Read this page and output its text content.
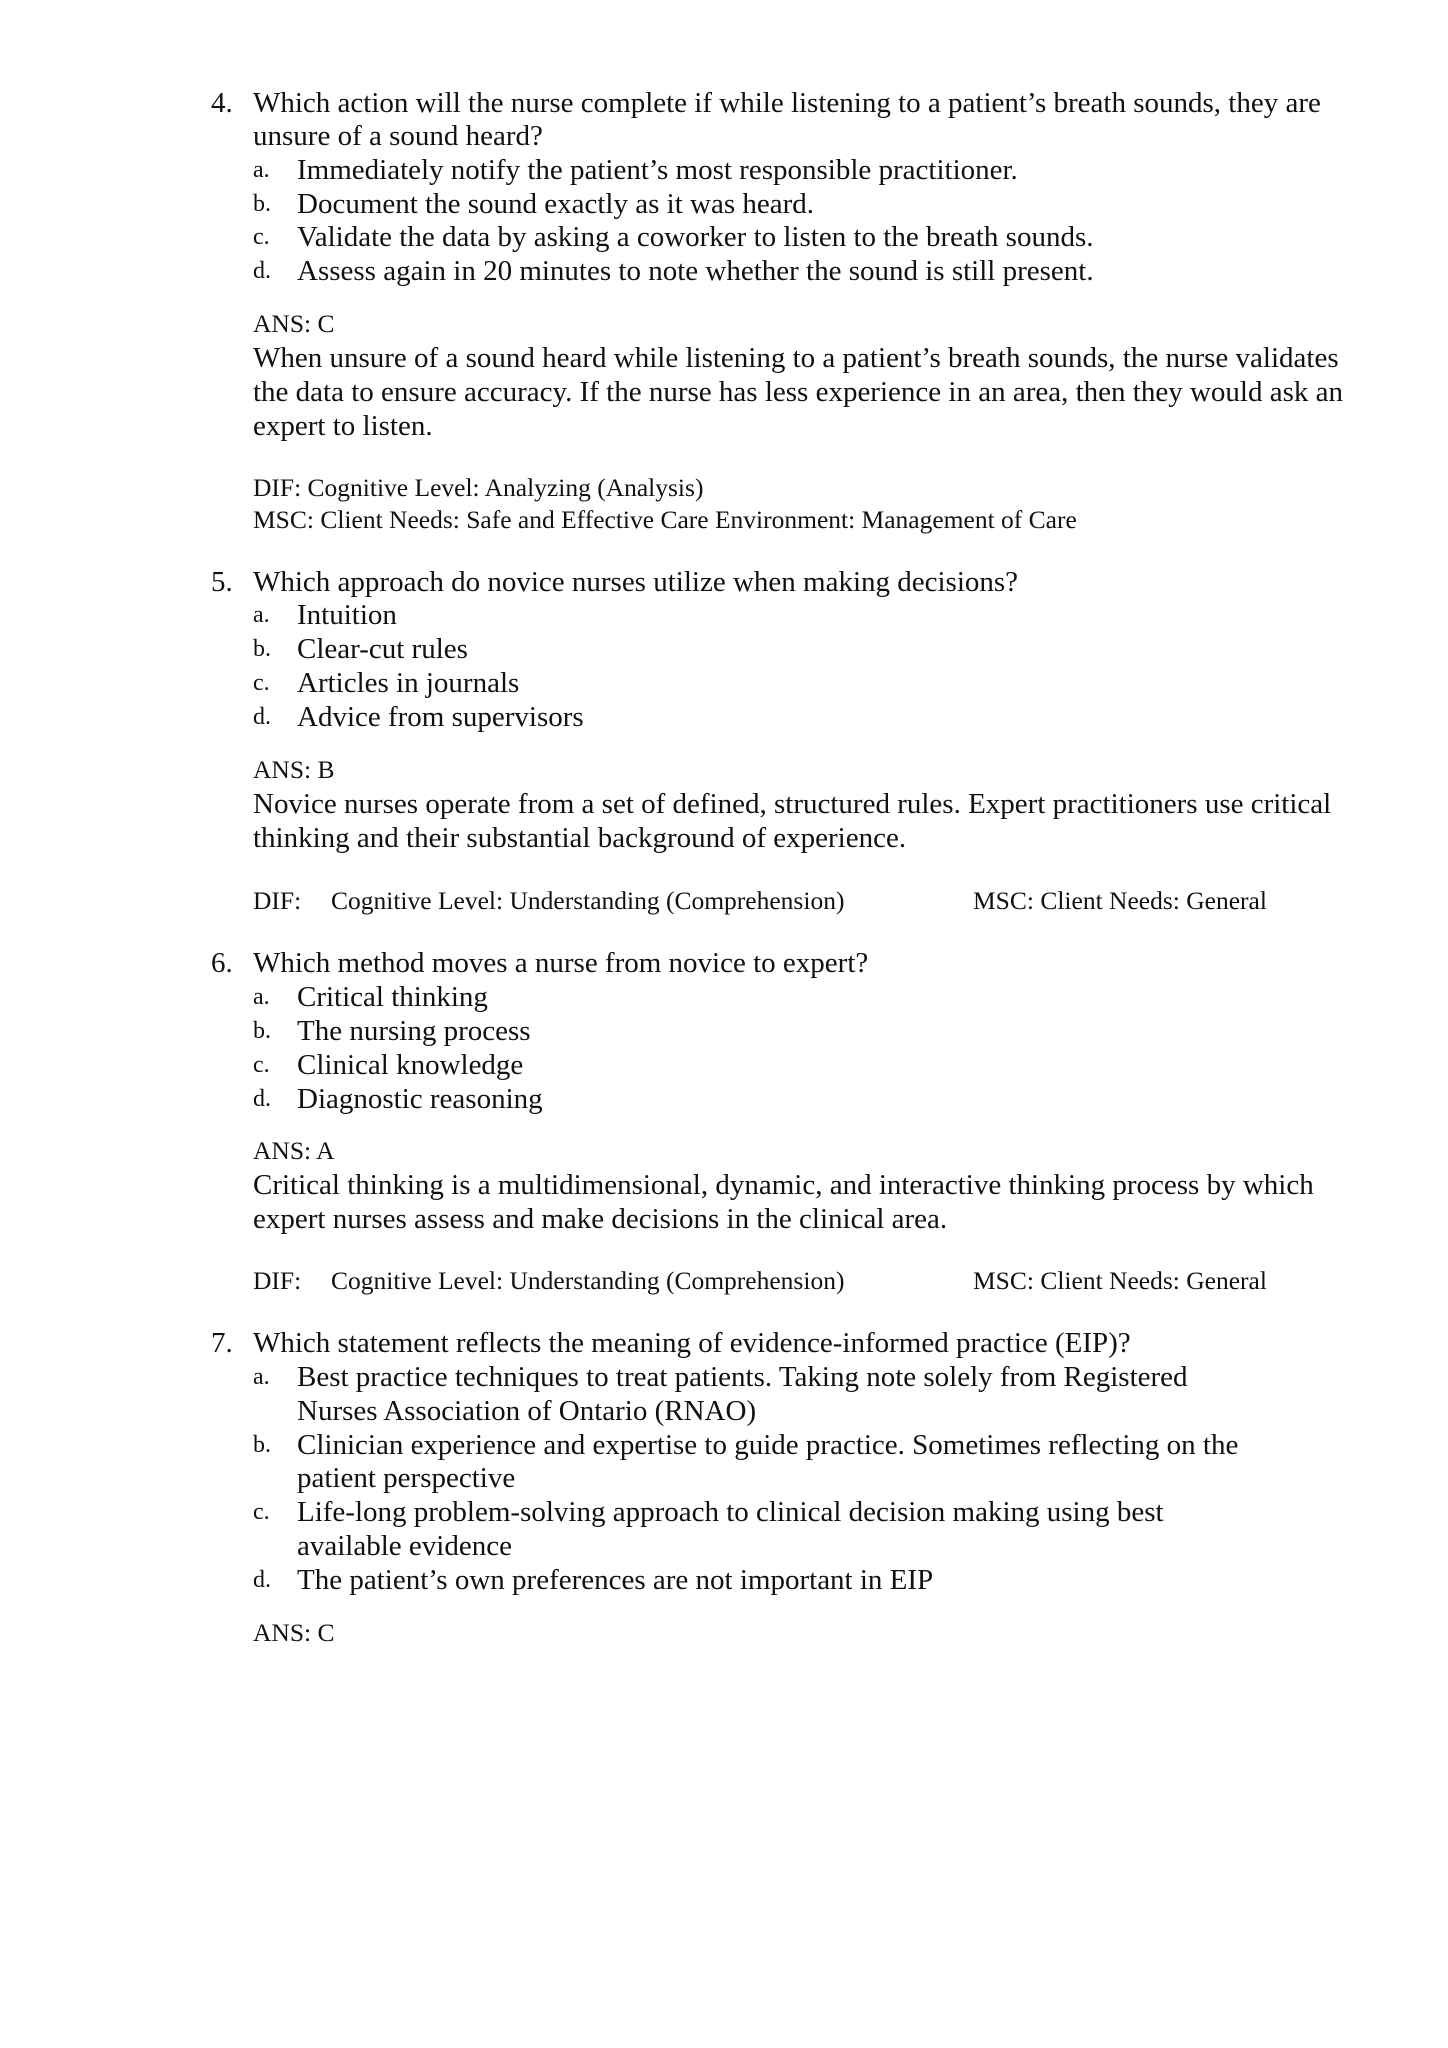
4. Which action will the nurse complete if while listening to a patient’s breath sounds, they are
unsure of a sound heard?
a. Immediately notify the patient’s most responsible practitioner.
b. Document the sound exactly as it was heard.
c. Validate the data by asking a coworker to listen to the breath sounds.
d. Assess again in 20 minutes to note whether the sound is still present.
ANS: C
When unsure of a sound heard while listening to a patient’s breath sounds, the nurse validates
the data to ensure accuracy. If the nurse has less experience in an area, then they would ask an
expert to listen.
DIF: Cognitive Level: Analyzing (Analysis)
MSC: Client Needs: Safe and Effective Care Environment: Management of Care
5. Which approach do novice nurses utilize when making decisions?
a. Intuition
b. Clear-cut rules
c. Articles in journals
d. Advice from supervisors
ANS: B
Novice nurses operate from a set of defined, structured rules. Expert practitioners use critical
thinking and their substantial background of experience.
DIF: Cognitive Level: Understanding (Comprehension)	MSC: Client Needs: General
6. Which method moves a nurse from novice to expert?
a. Critical thinking
b. The nursing process
c. Clinical knowledge
d. Diagnostic reasoning
ANS: A
Critical thinking is a multidimensional, dynamic, and interactive thinking process by which
expert nurses assess and make decisions in the clinical area.
DIF: Cognitive Level: Understanding (Comprehension)	MSC: Client Needs: General
7. Which statement reflects the meaning of evidence-informed practice (EIP)?
a. Best practice techniques to treat patients. Taking note solely from Registered
Nurses Association of Ontario (RNAO)
b. Clinician experience and expertise to guide practice. Sometimes reflecting on the
patient perspective
c. Life-long problem-solving approach to clinical decision making using best
available evidence
d. The patient’s own preferences are not important in EIP
ANS: C
